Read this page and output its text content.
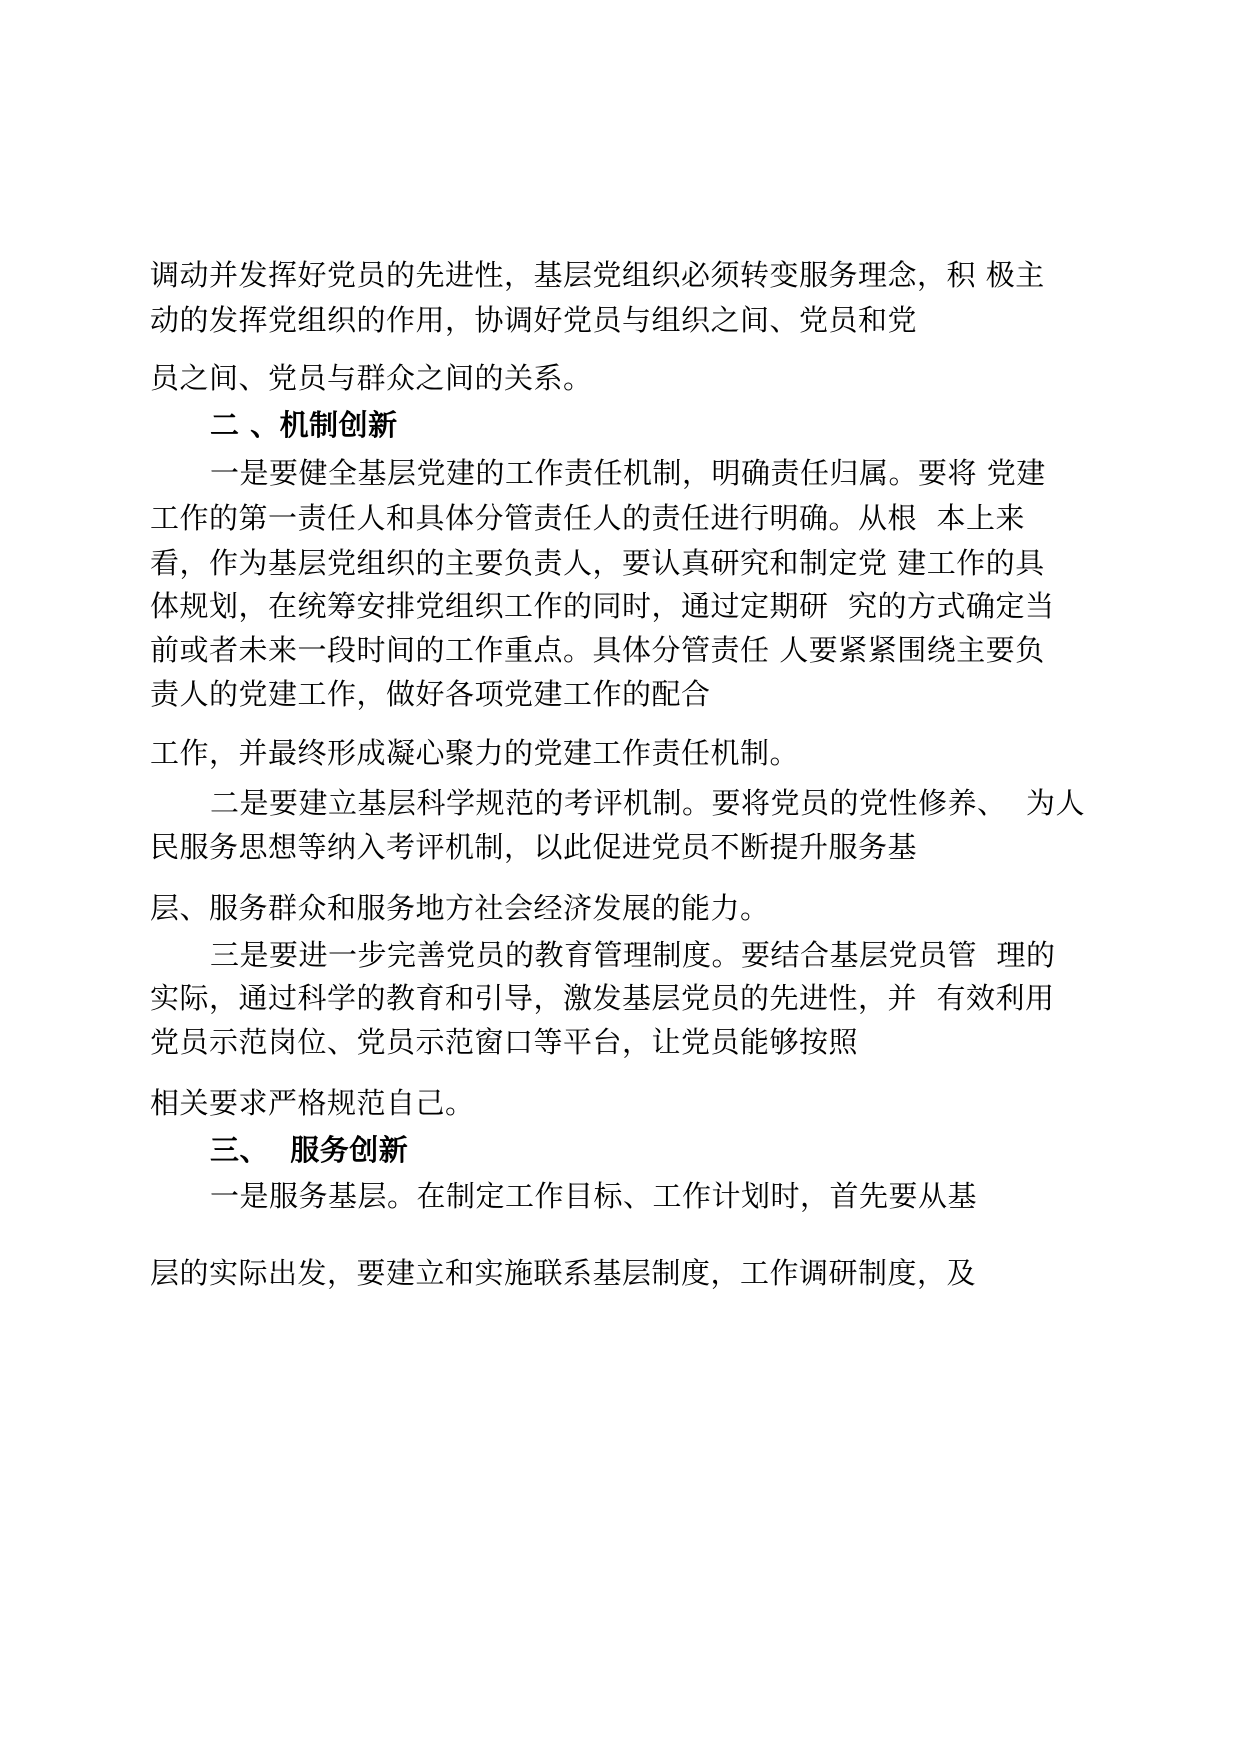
调动并发挥好党员的先进性，基层党组织必须转变服务理念，积 极主
动的发挥党组织的作用，协调好党员与组织之间、党员和党
员之间、党员与群众之间的关系。
二 、机制创新
一是要健全基层党建的工作责任机制，明确责任归属。要将 党建
工作的第一责任人和具体分管责任人的责任进行明确。从根  本上来
看，作为基层党组织的主要负责人，要认真研究和制定党 建工作的具
体规划，在统筹安排党组织工作的同时，通过定期研  究的方式确定当
前或者未来一段时间的工作重点。具体分管责任 人要紧紧围绕主要负
责人的党建工作，做好各项党建工作的配合
工作，并最终形成凝心聚力的党建工作责任机制。
二是要建立基层科学规范的考评机制。要将党员的党性修养、  为人
民服务思想等纳入考评机制，以此促进党员不断提升服务基
层、服务群众和服务地方社会经济发展的能力。
三是要进一步完善党员的教育管理制度。要结合基层党员管  理的
实际，通过科学的教育和引导，激发基层党员的先进性，并  有效利用
党员示范岗位、党员示范窗口等平台，让党员能够按照
相关要求严格规范自己。
三、  服务创新
一是服务基层。在制定工作目标、工作计划时，首先要从基
层的实际出发，要建立和实施联系基层制度，工作调研制度，及
